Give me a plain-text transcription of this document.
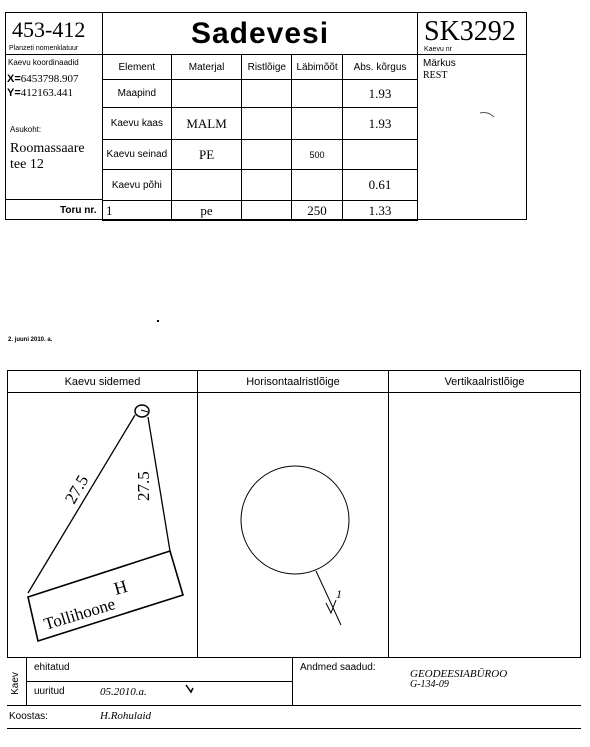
453-412
Planzeti nomenklatuur
Kaevu koordinaadid
X=6453798.907
Y=412163.441
Asukoht:
Roomassaare
tee 12
Toru nr.
Sadevesi	SK3292
Kaevu nr
Märkus
REST
Element	Materjal	Ristlõige	Läbimõõt	Abs. kõrgus
Maapind				1.93
Kaevu kaas	MALM			1.93
Kaevu seinad	PE		500	
Kaevu põhi				0.61
1	pe		250	1.33
2. juuni 2010. a.
Kaevu sidemed	Horisontaalristlõige	Vertikaalristlõige
27.5 27.5
H
Tollihoone
1
Kaev
ehitatud
uuritud	05.2010.a.
Andmed saadud:
GEODEESIABÜROO
G-134-09
Koostas:	H.Rohulaid
